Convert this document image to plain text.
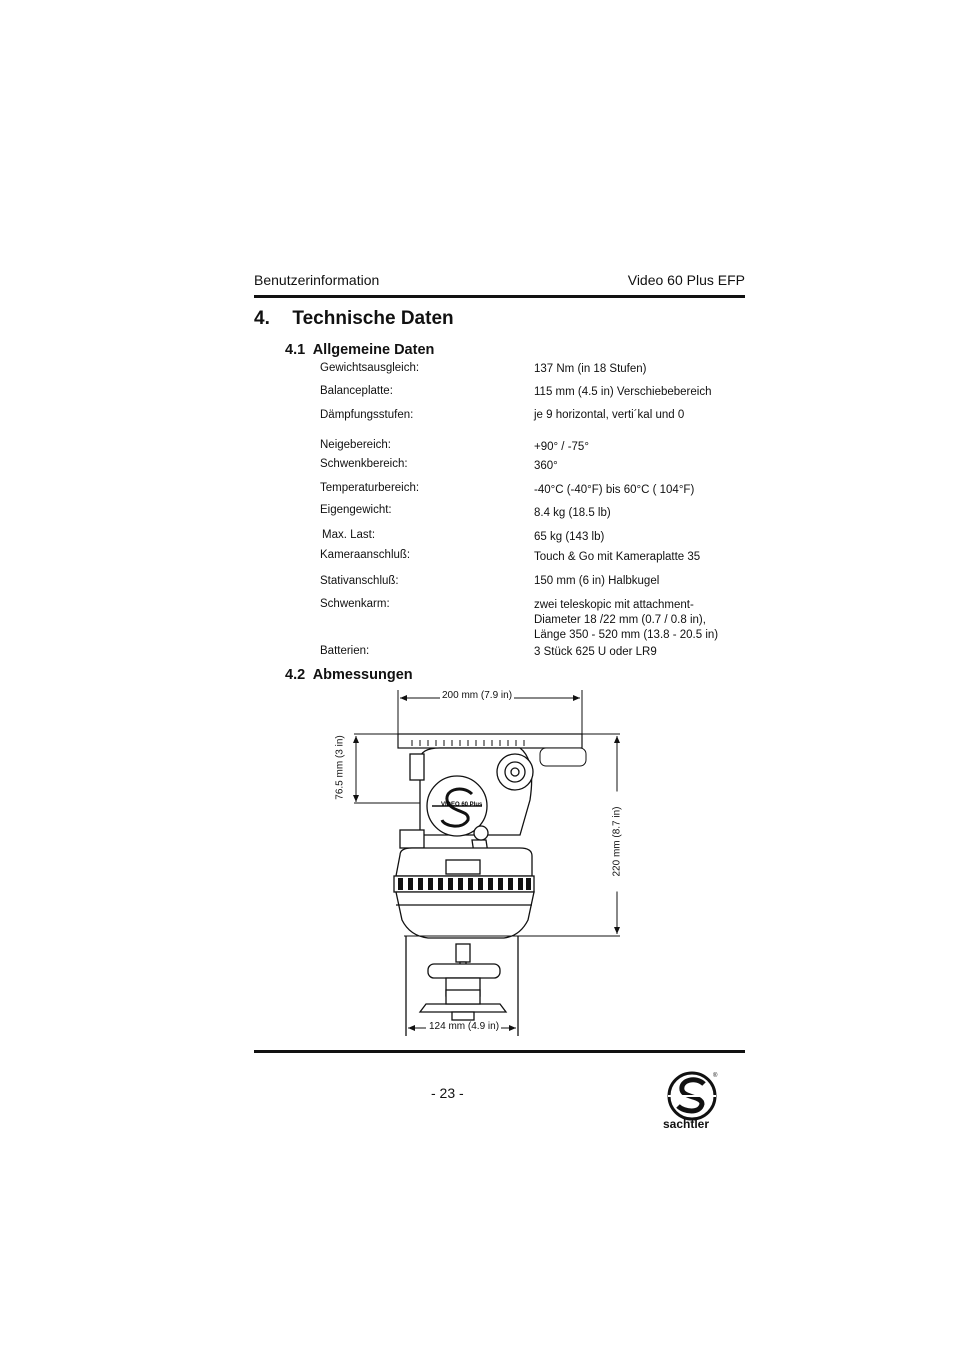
Benutzerinformation	Video 60 Plus EFP
4. Technische Daten
4.1 Allgemeine Daten
Gewichtsausgleich:	137 Nm (in 18 Stufen)
Balanceplatte:	115 mm (4.5 in) Verschiebebereich
Dämpfungsstufen:	je 9 horizontal, verti´kal und 0
Neigebereich:	+90° / -75°
Schwenkbereich:	360°
Temperaturbereich:	-40°C (-40°F) bis 60°C ( 104°F)
Eigengewicht:	8.4 kg (18.5 lb)
Max. Last:	65 kg (143 lb)
Kameraanschluß:	Touch & Go mit Kameraplatte 35
Stativanschluß:	150 mm (6 in) Halbkugel
Schwenkarm:	zwei teleskopic mit attachment-
Diameter 18 /22 mm (0.7 / 0.8 in),
Länge 350 - 520 mm (13.8 - 20.5 in)
Batterien:	3 Stück 625 U oder LR9
4.2 Abmessungen
VIDEO 60 Plus
200 mm (7.9 in)
76.5 mm (3 in)
220 mm (8.7 in)
124 mm (4.9 in)
- 23 -
®
sachtler
